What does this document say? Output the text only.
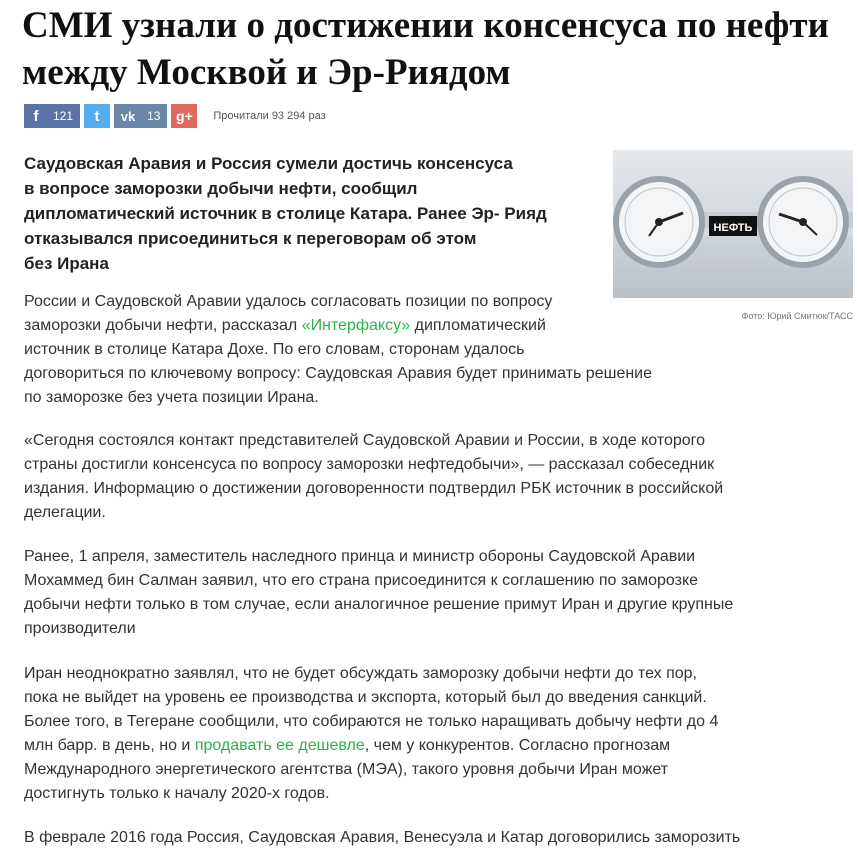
СМИ узнали о достижении консенсуса по нефти
между Москвой и Эр-Риядом
f	121	t	vk 13	g+	Прочитали 93 294 раз
Саудовская Аравия и Россия сумели достичь консенсуса
в вопросе заморозки добычи нефти, сообщил
дипломатический источник в столице Катара. Ранее Эр- Рияд
отказывался присоединиться к переговорам об этом
без Ирана
НЕФТЬ
Фото: Юрий Смитюк/ТАСС
России и Саудовской Аравии удалось согласовать позиции по вопросу
заморозки добычи нефти, рассказал «Интерфаксу» дипломатический
источник в столице Катара Дохе. По его словам, сторонам удалось
договориться по ключевому вопросу: Саудовская Аравия будет принимать решение
по заморозке без учета позиции Ирана.
«Сегодня состоялся контакт представителей Саудовской Аравии и России, в ходе которого
страны достигли консенсуса по вопросу заморозки нефтедобычи», — рассказал собеседник
издания. Информацию о достижении договоренности подтвердил РБК источник в российской
делегации.
Ранее, 1 апреля, заместитель наследного принца и министр обороны Саудовской Аравии
Мохаммед бин Салман заявил, что его страна присоединится к соглашению по заморозке
добычи нефти только в том случае, если аналогичное решение примут Иран и другие крупные
производители
Иран неоднократно заявлял, что не будет обсуждать заморозку добычи нефти до тех пор,
пока не выйдет на уровень ее производства и экспорта, который был до введения санкций.
Более того, в Тегеране сообщили, что собираются не только наращивать добычу нефти до 4
млн барр. в день, но и продавать ее дешевле, чем у конкурентов. Согласно прогнозам
Международного энергетического агентства (МЭА), такого уровня добычи Иран может
достигнуть только к началу 2020-х годов.
В феврале 2016 года Россия, Саудовская Аравия, Венесуэла и Катар договорились заморозить
